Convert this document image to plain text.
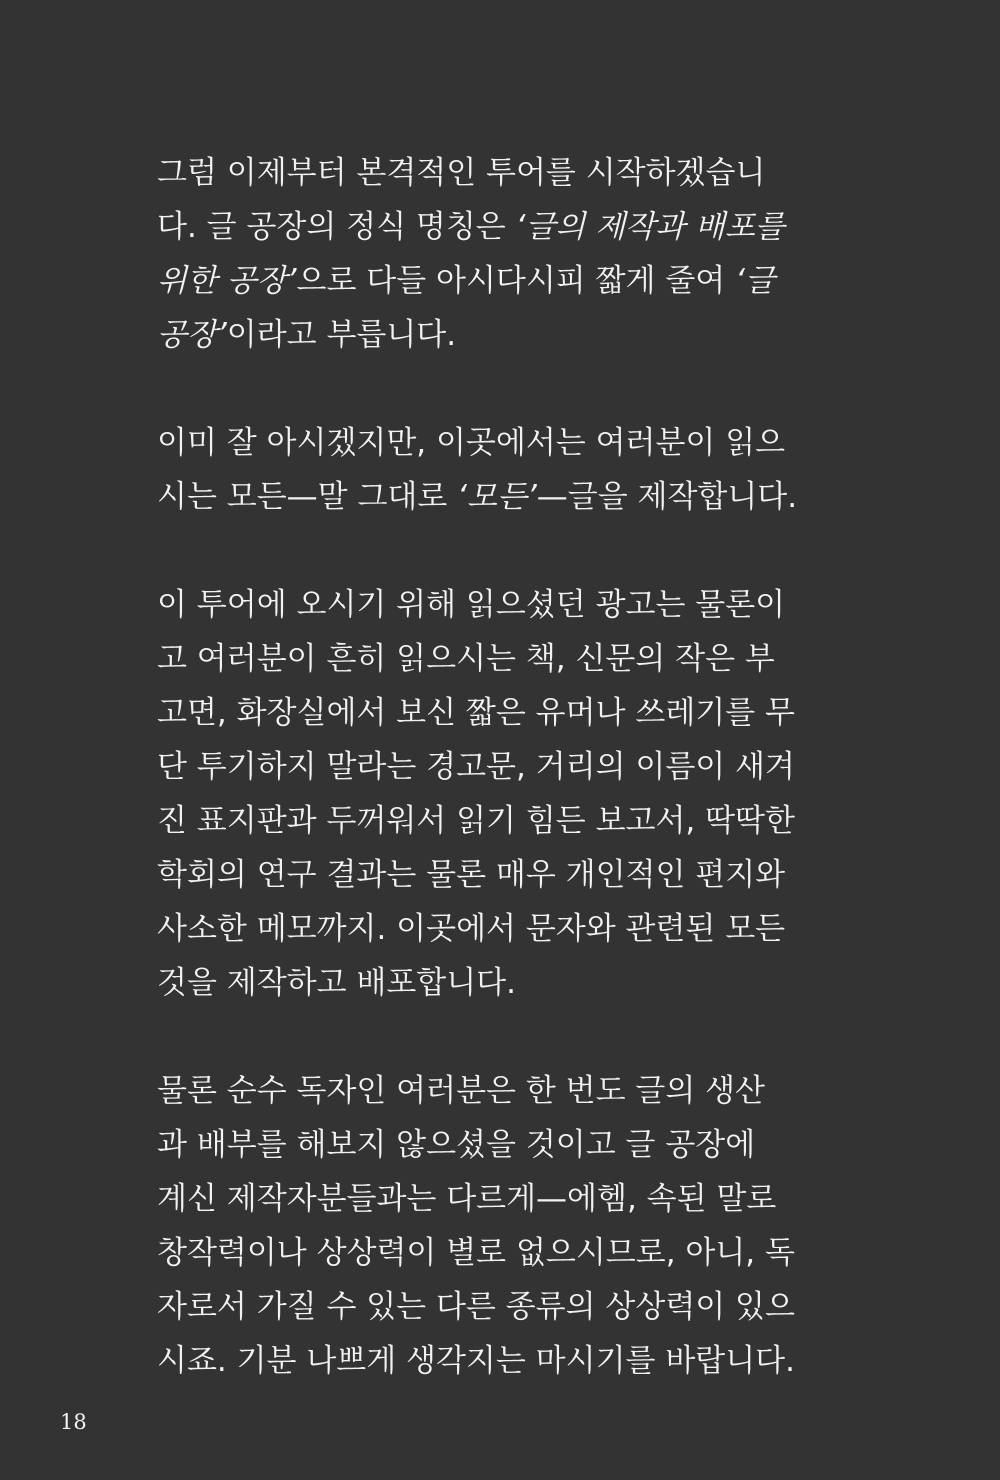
그럼 이제부터 본격적인 투어를 시작하겠습니
다. 글 공장의 정식 명칭은 ‘글의 제작과 배포를
위한 공장’으로 다들 아시다시피 짧게 줄여 ‘글
공장’이라고 부릅니다.
이미 잘 아시겠지만, 이곳에서는 여러분이 읽으
시는 모든—말 그대로 ‘모든’—글을 제작합니다.
이 투어에 오시기 위해 읽으셨던 광고는 물론이
고 여러분이 흔히 읽으시는 책, 신문의 작은 부
고면, 화장실에서 보신 짧은 유머나 쓰레기를 무
단 투기하지 말라는 경고문, 거리의 이름이 새겨
진 표지판과 두꺼워서 읽기 힘든 보고서, 딱딱한
학회의 연구 결과는 물론 매우 개인적인 편지와
사소한 메모까지. 이곳에서 문자와 관련된 모든
것을 제작하고 배포합니다.
물론 순수 독자인 여러분은 한 번도 글의 생산
과 배부를 해보지 않으셨을 것이고 글 공장에
계신 제작자분들과는 다르게—에헴, 속된 말로
창작력이나 상상력이 별로 없으시므로, 아니, 독
자로서 가질 수 있는 다른 종류의 상상력이 있으
시죠. 기분 나쁘게 생각지는 마시기를 바랍니다.
18
